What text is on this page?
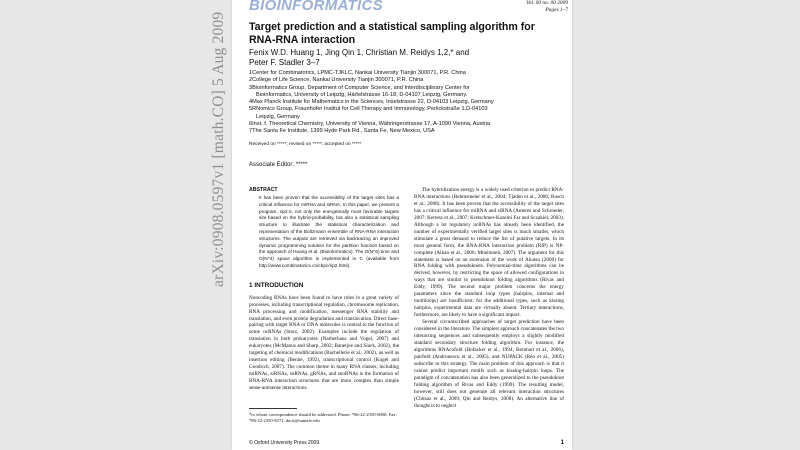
BIOINFORMATICS	Vol. 00 no. 00 2009
Pages 1–7
Target prediction and a statistical sampling algorithm for RNA-RNA interaction
Fenix W.D. Huang 1, Jing Qin 1, Christian M. Reidys 1,2,* and
Peter F. Stadler 3–7
1Center for Combinatorics, LPMC-TJKLC, Nankai University Tianjin 300071, P.R. China
2College of Life Science, Nankai University Tianjin 300071, P.R. China
3Bioinformatics Group, Department of Computer Science, and Interdisciplinary Center for
Bioinformatics, University of Leipzig, Härtelstrasse 16-18, D-04107 Leipzig, Germany.
4Max Planck Institute for Mathematics in the Sciences, Inselstrasse 22, D-04103 Leipzig, Germany
5RNomics Group, Fraunhofer Institut for Cell Therapy and Immunology, Perlickstraße 1,D-04103
Leipzig, Germany
6Inst. f. Theoretical Chemistry, University of Vienna, Währingerstrasse 17, A-1090 Vienna, Austria
7The Santa Fe Institute, 1399 Hyde Park Rd., Santa Fe, New Mexico, USA
Received on *****; revised on *****; accepted on *****
Associate Editor: *****
ABSTRACT

It has been proven that the accessibility of the target sites has a critical influence for miRNA and siRNA. In this paper, we present a program, rip2.0, not only the energetically most favorable targets site based on the hybrid-probability, but also a statistical sampling structure to illustrate the statistical characterization and representation of the Boltzmann ensemble of RNA-RNA interaction structures. The outputs are retrieved via backtracing an improved dynamic programming solution for the partition function based on the approach of Huang et al. (Bioinformatics). The O(N^6) time and O(N^4) space algorithm is implemented in C (available from http://www.combinatorics.cn/cbpc/rip2.html).

1 INTRODUCTION

Noncoding RNAs have been found to have roles in a great variety of processes, including transcriptional regulation, chromosome replication, RNA processing and modification, messenger RNA stability and translation, and even protein degradation and translocation. Direct base-pairing with target RNA or DNA molecules is central to the function of some ncRNAs (Storz, 2002). Examples include the regulation of translation in both prokaryotes (Narberhaus and Vogel, 2007) and eukaryotes (McManus and Sharp, 2002; Banerjee and Slack, 2002), the targeting of chemical modifications (Bachellerie et al., 2002), as well as insertion editing (Benne, 1992), transcriptional control (Kugel and Goodrich, 2007). The common theme in many RNA classes, including miRNAs, siRNAs, snRNAs, gRNAs, and snoRNAs is the formation of RNA-RNA interaction structures that are more complex than simple sense-antisense interactions.

The hybridization energy is a widely used criterion to predict RNA-RNA interactions (Rehmsmeier et al., 2004; Tjaden et al., 2006; Busch et al., 2008). It has been proven that the accessibility of the target sites has a critical influence for miRNA and siRNA (Ameres and Schroeder, 2007; Kertesz et al., 2007; Kretschmer-Kazemi Far and Sczakiel, 2003). Although a lot regulatory ncRNAs has already been identified, the number of experimentally verified target sites is much smaller, which stimulate a great demand to reduce the list of putative targets. In its most general form, the RNA-RNA interaction problem (RIP) is NP-complete (Alkan et al., 2006; Mneimneh, 2007). The argument for this statement is based on an extension of the work of Akutsu (2000) for RNA folding with pseudoknots. Polynomial-time algorithms can be derived, however, by restricting the space of allowed configurations in ways that are similar to pseudoknot folding algorithms (Rivas and Eddy, 1999). The second major problem concerns the energy parameters since the standard loop types (hairpins, internal and multiloops) are insufficient; for the additional types, such as kissing hairpins, experimental data are virtually absent. Tertiary interactions, furthermore, are likely to have a significant impact.

Several circumscribed approaches of target prediction have been considered in the literature. The simplest approach concatenates the two interacting sequences and subsequently employs a slightly modified standard secondary structure folding algorithm. For instance, the algorithms RNAcofold (Hofacker et al., 1994; Bernhart et al., 2006), pairfold (Andronescu et al., 2005), and NUPACK (Ren et al., 2005) subscribe to this strategy. The main problem of this approach is that it cannot predict important motifs such as kissing-hairpin loops. The paradigm of concatenation has also been generalized to the pseudoknot folding algorithm of Rivas and Eddy (1999). The resulting model, however, still does not generate all relevant interaction structures (Chitsaz et al., 2009; Qin and Reidys, 2008). An alternative line of thought is to neglect

*to whom correspondence should be addressed. Phone: *86-22-2350-6800; Fax: *86-22-2350-9272, duck@santafe.edu
© Oxford University Press 2009.	1
arXiv:0908.0597v1 [math.CO] 5 Aug 2009
